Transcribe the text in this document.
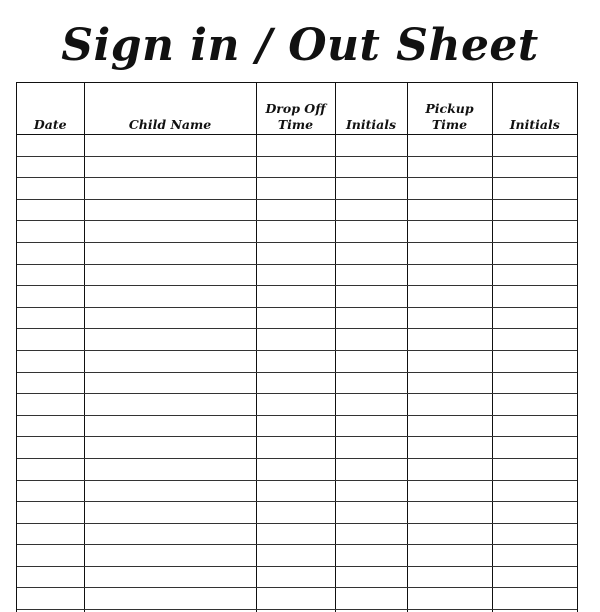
Sign in / Out Sheet
Date	Child Name	Drop Off Time	Initials	Pickup Time	Initials
